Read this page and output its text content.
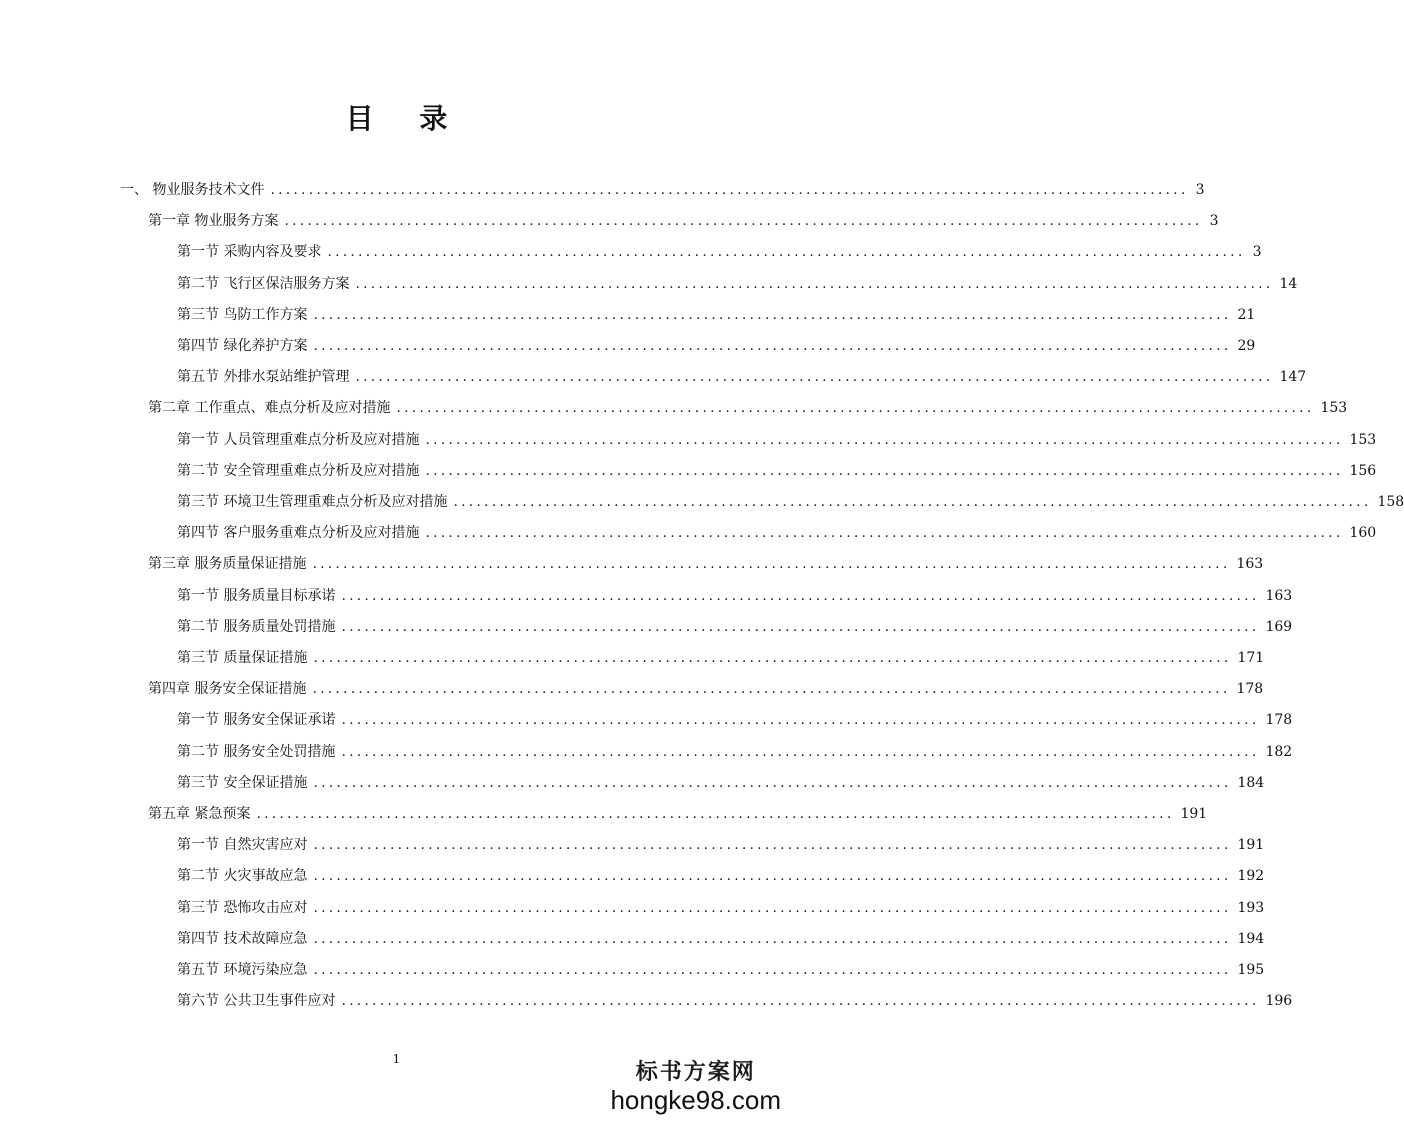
目 录
一、 物业服务技术文件 ........................................................................................................................ 3
第一章 物业服务方案 ........................................................................................................................ 3
第一节 采购内容及要求 ........................................................................................................................ 3
第二节 飞行区保洁服务方案 ........................................................................................................................ 14
第三节 鸟防工作方案 ........................................................................................................................ 21
第四节 绿化养护方案 ........................................................................................................................ 29
第五节 外排水泵站维护管理 ........................................................................................................................ 147
第二章 工作重点、难点分析及应对措施 ........................................................................................................................ 153
第一节 人员管理重难点分析及应对措施 ........................................................................................................................ 153
第二节 安全管理重难点分析及应对措施 ........................................................................................................................ 156
第三节 环境卫生管理重难点分析及应对措施 ........................................................................................................................ 158
第四节 客户服务重难点分析及应对措施 ........................................................................................................................ 160
第三章 服务质量保证措施 ........................................................................................................................ 163
第一节 服务质量目标承诺 ........................................................................................................................ 163
第二节 服务质量处罚措施 ........................................................................................................................ 169
第三节 质量保证措施 ........................................................................................................................ 171
第四章 服务安全保证措施 ........................................................................................................................ 178
第一节 服务安全保证承诺 ........................................................................................................................ 178
第二节 服务安全处罚措施 ........................................................................................................................ 182
第三节 安全保证措施 ........................................................................................................................ 184
第五章 紧急预案 ........................................................................................................................ 191
第一节 自然灾害应对 ........................................................................................................................ 191
第二节 火灾事故应急 ........................................................................................................................ 192
第三节 恐怖攻击应对 ........................................................................................................................ 193
第四节 技术故障应急 ........................................................................................................................ 194
第五节 环境污染应急 ........................................................................................................................ 195
第六节 公共卫生事件应对 ........................................................................................................................ 196
1
标书方案网
hongke98.com
